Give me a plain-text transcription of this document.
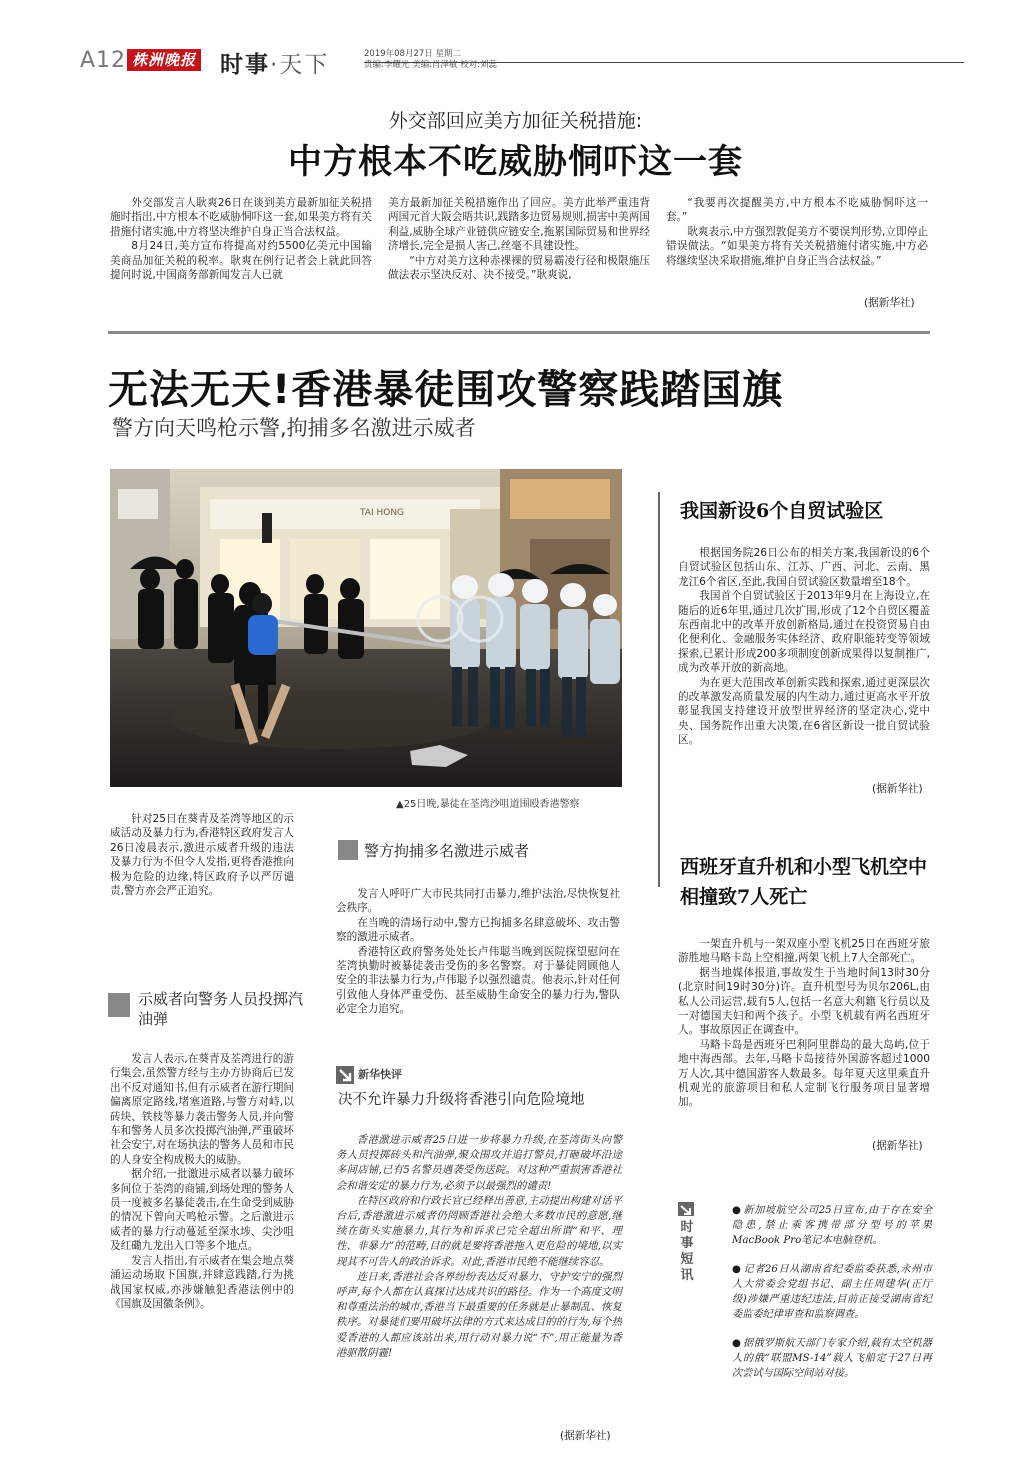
A12 株洲晚报 时事·天下	2019年08月27日 星期二
责编:李耀光 美编:肖泽敏 校对:刘蕊
外交部回应美方加征关税措施:
中方根本不吃威胁恫吓这一套

外交部发言人耿爽26日在谈到美方最新加征关税措施时指出,中方根本不吃威胁恫吓这一套,如果美方将有关措施付诸实施,中方将坚决维护自身正当合法权益。

8月24日,美方宣布将提高对约5500亿美元中国输美商品加征关税的税率。耿爽在例行记者会上就此回答提问时说,中国商务部新闻发言人已就

美方最新加征关税措施作出了回应。美方此举严重违背两国元首大阪会晤共识,践踏多边贸易规则,损害中美两国利益,威胁全球产业链供应链安全,拖累国际贸易和世界经济增长,完全是损人害己,丝毫不具建设性。

“中方对美方这种赤裸裸的贸易霸凌行径和极限施压做法表示坚决反对、决不接受。”耿爽说,

“我要再次提醒美方,中方根本不吃威胁恫吓这一套。”

耿爽表示,中方强烈敦促美方不要误判形势,立即停止错误做法。“如果美方将有关关税措施付诸实施,中方必将继续坚决采取措施,维护自身正当合法权益。”

(据新华社)
无法无天!香港暴徒围攻警察践踏国旗
警方向天鸣枪示警,拘捕多名激进示威者
TAI HONG
▲25日晚,暴徒在荃湾沙咀道围殴香港警察

针对25日在葵青及荃湾等地区的示威活动及暴力行为,香港特区政府发言人26日凌晨表示,激进示威者升级的违法及暴力行为不但令人发指,更将香港推向极为危险的边缘,特区政府予以严厉谴责,警方亦会严正追究。

示威者向警务人员投掷汽油弹

发言人表示,在葵青及荃湾进行的游行集会,虽然警方经与主办方协商后已发出不反对通知书,但有示威者在游行期间偏离原定路线,堵塞道路,与警方对峙,以砖块、铁枝等暴力袭击警务人员,并向警车和警务人员多次投掷汽油弹,严重破坏社会安宁,对在场执法的警务人员和市民的人身安全构成极大的威胁。

据介绍,一批激进示威者以暴力破坏多间位于荃湾的商铺,到场处理的警务人员一度被多名暴徒袭击,在生命受到威胁的情况下曾向天鸣枪示警。之后激进示威者的暴力行动蔓延至深水埗、尖沙咀及红磡九龙出入口等多个地点。

发言人指出,有示威者在集会地点葵涌运动场取下国旗,并肆意践踏,行为挑战国家权威,亦涉嫌触犯香港法例中的《国旗及国徽条例》。

警方拘捕多名激进示威者

发言人呼吁广大市民共同打击暴力,维护法治,尽快恢复社会秩序。

在当晚的清场行动中,警方已拘捕多名肆意破坏、攻击警察的激进示威者。

香港特区政府警务处处长卢伟聪当晚到医院探望慰问在荃湾执勤时被暴徒袭击受伤的多名警察。对于暴徒罔顾他人安全的非法暴力行为,卢伟聪予以强烈谴责。他表示,针对任何引致他人身体严重受伤、甚至威胁生命安全的暴力行为,警队必定全力追究。

新华快评
决不允许暴力升级将香港引向危险境地

香港激进示威者25日进一步将暴力升级,在荃湾街头向警务人员投掷砖头和汽油弹,聚众围攻并追打警员,打砸破坏沿途多间店铺,已有5名警员遇袭受伤送院。对这种严重损害香港社会和谐安定的暴力行为,必须予以最强烈的谴责!

在特区政府和行政长官已经释出善意,主动提出构建对话平台后,香港激进示威者仍罔顾香港社会绝大多数市民的意愿,继续在街头实施暴力,其行为和诉求已完全超出所谓“和平、理性、非暴力”的范畴,目的就是要将香港拖入更危险的境地,以实现其不可告人的政治诉求。对此,香港市民绝不能继续容忍。

连日来,香港社会各界纷纷表达反对暴力、守护安宁的强烈呼声,每个人都在认真探讨达成共识的路径。作为一个高度文明和尊重法治的城市,香港当下最重要的任务就是止暴制乱、恢复秩序。对暴徒们要用破坏法律的方式来达成目的的行为,每个热爱香港的人都应该站出来,用行动对暴力说“不”,用正能量为香港驱散阴霾!

(据新华社)
我国新设6个自贸试验区

根据国务院26日公布的相关方案,我国新设的6个自贸试验区包括山东、江苏、广西、河北、云南、黑龙江6个省区,至此,我国自贸试验区数量增至18个。

我国首个自贸试验区于2013年9月在上海设立,在随后的近6年里,通过几次扩围,形成了12个自贸区覆盖东西南北中的改革开放创新格局,通过在投资贸易自由化便利化、金融服务实体经济、政府职能转变等领域探索,已累计形成200多项制度创新成果得以复制推广,成为改革开放的新高地。

为在更大范围改革创新实践和探索,通过更深层次的改革激发高质量发展的内生动力,通过更高水平开放彰显我国支持建设开放型世界经济的坚定决心,党中央、国务院作出重大决策,在6省区新设一批自贸试验区。

(据新华社)
西班牙直升机和小型飞机空中相撞致7人死亡

一架直升机与一架双座小型飞机25日在西班牙旅游胜地马略卡岛上空相撞,两架飞机上7人全部死亡。

据当地媒体报道,事故发生于当地时间13时30分(北京时间19时30分)许。直升机型号为贝尔206L,由私人公司运营,载有5人,包括一名意大利籍飞行员以及一对德国夫妇和两个孩子。小型飞机载有两名西班牙人。事故原因正在调查中。

马略卡岛是西班牙巴利阿里群岛的最大岛屿,位于地中海西部。去年,马略卡岛接待外国游客超过1000万人次,其中德国游客人数最多。每年夏天这里乘直升机观光的旅游项目和私人定制飞行服务项目显著增加。

(据新华社)
时事短讯
● 新加坡航空公司25日宣布,由于存在安全隐患,禁止乘客携带部分型号的苹果MacBook Pro笔记本电脑登机。
● 记者26日从湖南省纪委监委获悉,永州市人大常委会党组书记、副主任周建华(正厅级)涉嫌严重违纪违法,目前正接受湖南省纪委监委纪律审查和监察调查。
● 据俄罗斯航天部门专家介绍,载有太空机器人的俄“联盟MS-14”载人飞船定于27日再次尝试与国际空间站对接。
